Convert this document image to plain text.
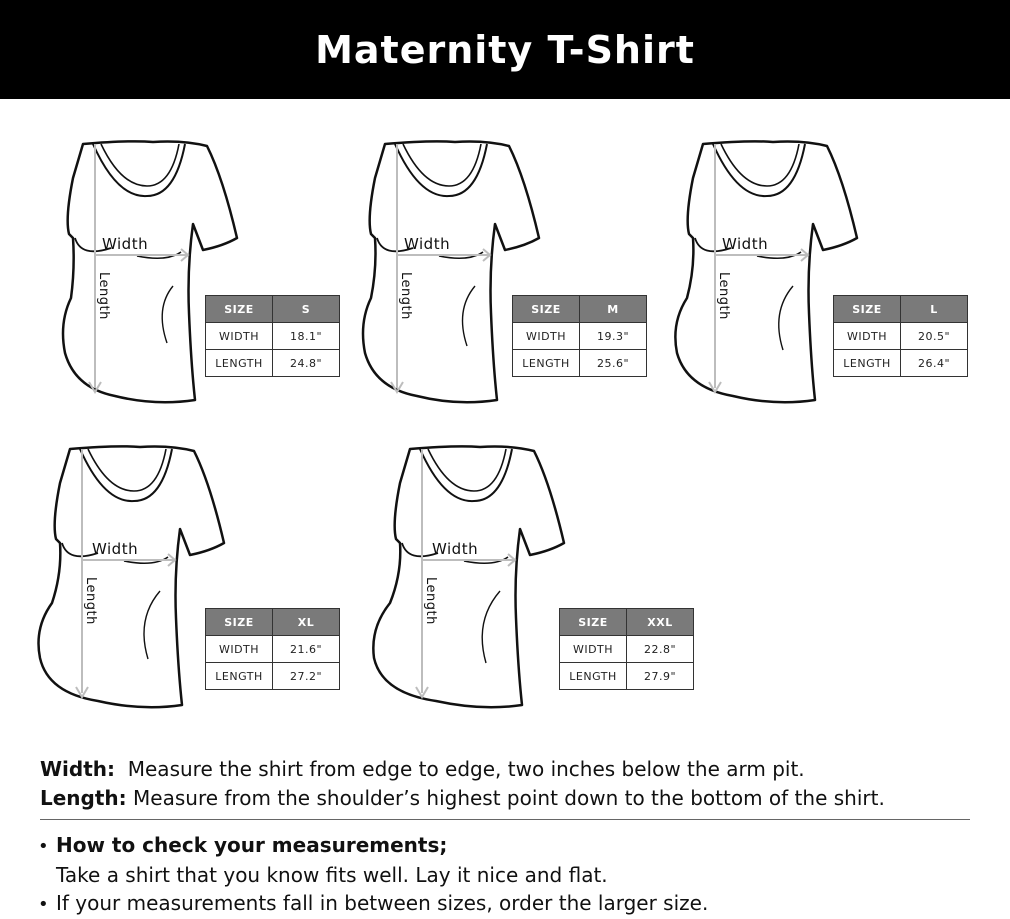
Maternity T-Shirt
Width
Length	SIZE	S
WIDTH	18.1"
LENGTH	24.8"
Width
Length	SIZE	M
WIDTH	19.3"
LENGTH	25.6"
Width
Length	SIZE	L
WIDTH	20.5"
LENGTH	26.4"
Width
Length	SIZE	XL
WIDTH	21.6"
LENGTH	27.2"
Width
Length	SIZE	XXL
WIDTH	22.8"
LENGTH	27.9"
Width: Measure the shirt from edge to edge, two inches below the arm pit.
Length: Measure from the shoulder’s highest point down to the bottom of the shirt.
• How to check your measurements;
Take a shirt that you know fits well. Lay it nice and flat.
• If your measurements fall in between sizes, order the larger size.
